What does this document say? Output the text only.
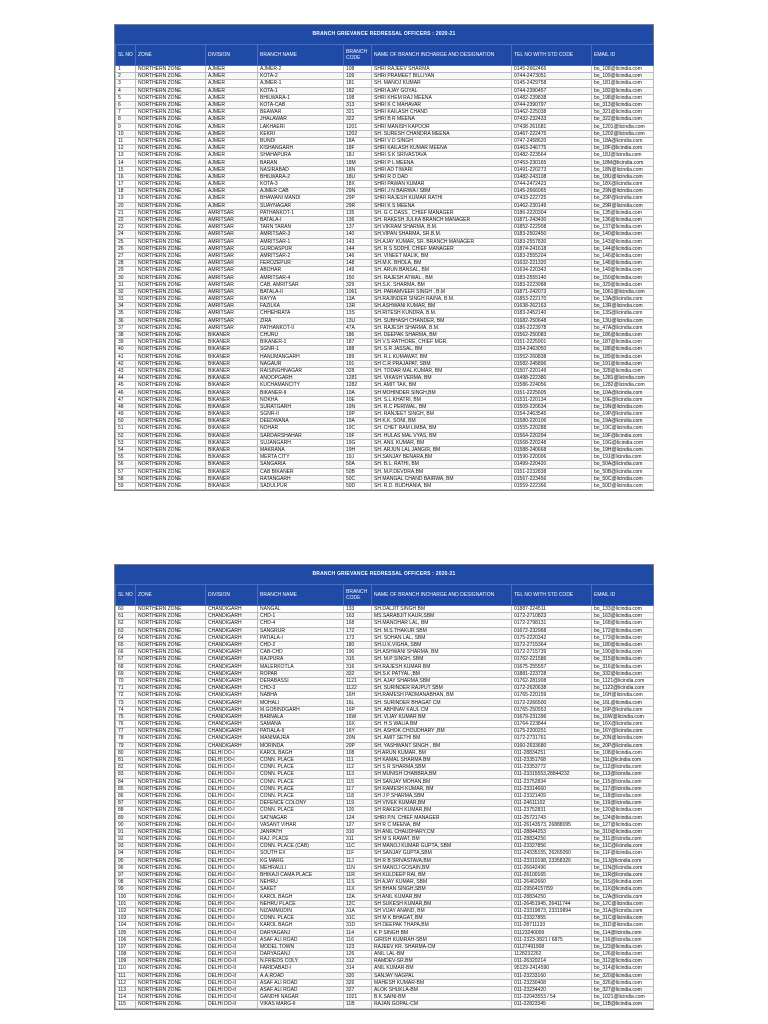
BRANCH GRIEVANCE REDRESSAL OFFICERS : 2020-21
SL NO	ZONE	DIVISION	BRANCH NAME	BRANCH CODE	NAME OF BRANCH INCHARGE AND DESIGNATION	TEL NO WITH STD CODE	EMAIL ID
1	NORTHERN ZONE	AJMER	AJMER-2	108	SHRI RAJEEV SHARMA	0145-2662465	bo_108@licindia.com
2	NORTHERN ZONE	AJMER	KOTA-2	109	SHRI PRAMEET BILLIYAN	0744-2473051	bo_109@licindia.com
3	NORTHERN ZONE	AJMER	AJMER-1	181	SH. MANOJ KUMAR	0145-2429758	bo_181@licindia.com
4	NORTHERN ZONE	AJMER	KOTA-1	182	SHRI AJAY GOYAL	0744-2390457	bo_182@licindia.com
5	NORTHERN ZONE	AJMER	BHILWARA-1	198	SHRI KHEM RAJ MEENA	01482-239838	bo_198@licindia.com
6	NORTHERN ZONE	AJMER	KOTA-CAB	313	SHRI K C MAHAVAR	0744-2390797	bo_313@licindia.com
7	NORTHERN ZONE	AJMER	BEAWAR	321	SHRI KAILASH CHAND	01462-225038	bo_321@licindia.com
8	NORTHERN ZONE	AJMER	JHALAWAR	322	SHRI B R MEENA	07432-232433	bo_322@licindia.com
9	NORTHERN ZONE	AJMER	LAKHAERI	1201	SHRI MANISH KAPOOR	07438-261681	bo_1201@licindia.com
10	NORTHERN ZONE	AJMER	KEKRI	1202	SH. SURESH CHANDRA MEENA	01467-222475	bo_1202@licindia.com
11	NORTHERN ZONE	AJMER	BUNDI	18A	SHRI V D SINGH	0747-2458620	bo_18A@licindia.com
12	NORTHERN ZONE	AJMER	KISHANGARH	18F	SHRI KAILASH KUMAR MEENA	01463-246775	bo_18F@licindia.com
13	NORTHERN ZONE	AJMER	SHAHAPURA	18J	SHRI S K SRIVASTAVA	01482-223564	bo_18J@licindia.com
14	NORTHERN ZONE	AJMER	BARAN	18M	SHRI P L MEENA	07453-230165	bo_18M@licindia.com
15	NORTHERN ZONE	AJMER	NASIRABAD	18N	SHRI AD TIWARI	01491-220273	bo_18N@licindia.com
16	NORTHERN ZONE	AJMER	BHILWARA-2	18U	SHRI R D DAD	01482-243108	bo_18U@licindia.com
17	NORTHERN ZONE	AJMER	KOTA-3	18X	SHRI PAWAN KUMAR	0744-2472423	bo_18X@licindia.com
18	NORTHERN ZONE	AJMER	AJMER CAB	29N	SHRI J N BAIRWA / SBM	0145-2666065	bo_29N@licindia.com
19	NORTHERN ZONE	AJMER	BHAWANI MANDI	29P	SHRI RAJESH KUMAR RATHI	07433-222725	bo_29P@licindia.com
20	NORTHERN ZONE	AJMER	SUAYNAGAR	29R	SHRI K S MEENA	01462-230149	bo_29R@licindia.com
21	NORTHERN ZONE	AMRITSAR	PATHANKOT-1	135	SH. G C DASS , CHIEF MANAGER	0186-2220304	bo_135@licindia.com
22	NORTHERN ZONE	AMRITSAR	BATALA-I	136	SH. RAKESH JULKA BRANCH MANAGER	01871-243430	bo_136@licindia.com
23	NORTHERN ZONE	AMRITSAR	TARN TARAN	137	SH.VIKRAM SHARMA, B.M.	01852-222908	bo_137@licindia.com
24	NORTHERN ZONE	AMRITSAR	AMRITSAR-3	140	SH.VIPAN SHARMA, SR.B.M.	0183-2502450	bo_140@licindia.com
25	NORTHERN ZONE	AMRITSAR	AMRITSAR-1	143	SH.AJAY KUMAR, SR. BRANCH MANAGER	0183-2557830	bo_143@licindia.com
26	NORTHERN ZONE	AMRITSAR	GURDASPUR	144	SH. R S SODHI, CHIEF MANAGER	01874-241618	bo_144@licindia.com
27	NORTHERN ZONE	AMRITSAR	AMRITSAR-2	146	SH. VINEET MALIK, BM	0183-2555204	bo_146@licindia.com
28	NORTHERN ZONE	AMRITSAR	FEROZEPUR	148	SH.M.K. BHOLA, BM	01632-221320	bo_148@licindia.com
29	NORTHERN ZONE	AMRITSAR	ABOHAR	149	SH. ARUN BANSAL, BM	01634-220343	bo_149@licindia.com
30	NORTHERN ZONE	AMRITSAR	AMRITSAR-4	150	SH. RAJESH ATWAL , BM	0183-2555140	bo_150@licindia.com
31	NORTHERN ZONE	AMRITSAR	CAB, AMRITSAR	329	SH.S.K. SHARMA, BM	0183-2223988	bo_329@licindia.com
32	NORTHERN ZONE	AMRITSAR	BATALA-II	1061	SH. PARAMVEER SINGH , B.M	01871-242073	bo_1061@licindia.com
33	NORTHERN ZONE	AMRITSAR	RAYYA	13A	SH.RAJINDER SINGH RAINA, B.M.	01853-222170	bo_13A@licindia.com
34	NORTHERN ZONE	AMRITSAR	FAZILKA	13R	SH.ASHWANI KUMAR, BM	01638-262163	bo_13R@licindia.com
35	NORTHERN ZONE	AMRITSAR	CHHEHRATA	13S	SH.RITESH KUNDRA, B.M.	0183-2452140	bo_13S@licindia.com
36	NORTHERN ZONE	AMRITSAR	ZIRA	13U	SH. SUBHASH CHANDER, BM	01682-250648	bo_13U@licindia.com
37	NORTHERN ZONE	AMRITSAR	PATHANKOT-II	47A	SH. RAJESH SHARMA, B.M.	0186-2223978	bo_47A@licindia.com
38	NORTHERN ZONE	BIKANER	CHURU	186	SH. DEEPAK SHARMA, BM	01562-250083	bo_186@licindia.com
39	NORTHERN ZONE	BIKANER	BIKANER-1	187	SH V.S RATHORE, CHIEF MGR.	0151-2225901	bo_187@licindia.com
40	NORTHERN ZONE	BIKANER	SGNR-1	188	SH. S.R JASSAL, BM	0154-2463050	bo_188@licindia.com
41	NORTHERN ZONE	BIKANER	HANUMANGARH	189	SH. R.L KUMAWAT, BM	01552-260838	bo_189@licindia.com
42	NORTHERN ZONE	BIKANER	NAGAUR	191	SH C.R PRAJAPAT, SBM	01582-245896	bo_191@licindia.com
43	NORTHERN ZONE	BIKANER	RAISINGHNAGAR	328	SH. TODAR MAL KUMAR, BM	01507-220149	bo_328@licindia.com
44	NORTHERN ZONE	BIKANER	ANOOPGARH	1281	SH. VIKASH VERMA, BM	01498-222380	bo_1281@licindia.com
45	NORTHERN ZONE	BIKANER	KUCHAMANCITY	1282	SH. AMIT TAK, BM	01586-224056	bo_1282@licindia.com
46	NORTHERN ZONE	BIKANER	BIKANER-II	10A	SH MOHINDER SINGH,BM	0151-2225605	bo_10A@licindia.com
47	NORTHERN ZONE	BIKANER	NOKHA	10E	SH. S.L.KHATRI, BM	01531-220134	bo_10E@licindia.com
48	NORTHERN ZONE	BIKANER	SURATGARH	19N	SH. R.C PERIWAL, BM	01509-220634	bo_19N@licindia.com
49	NORTHERN ZONE	BIKANER	SGNR-II	19P	SH. RANJEET SINGH, BM	0154-2463545	bo_19P@licindia.com
50	NORTHERN ZONE	BIKANER	DEEDWANA	19A	SH K.K. SONI, BM	01580-220106	bo_19A@licindia.com
51	NORTHERN ZONE	BIKANER	NOHAR	19C	SH. CHET RAM LIMBA, BM	01555-220288	bo_19C@licindia.com
52	NORTHERN ZONE	BIKANER	SARDARSHAHAR	19F	SH. HULAS MAL VYAS, BM	01564-220294	bo_19F@licindia.com
53	NORTHERN ZONE	BIKANER	SUJANGARH	19G	SH. ANIL KUMAR, BM	01568-220248	bo_19G@licindia.com
54	NORTHERN ZONE	BIKANER	MAKRANA	19H	SH. ARJUN LAL JANGIR, BM	01588-240668	bo_19H@licindia.com
55	NORTHERN ZONE	BIKANER	MERTA CITY	19J	SH.SANJAY BENARA,BM	01590-220006	bo_19J@licindia.com
56	NORTHERN ZONE	BIKANER	SANGARIA	50A	SH. B.L. RATHI, BM	01499-220420	bo_50A@licindia.com
57	NORTHERN ZONE	BIKANER	CAB BIKANER	50B	SH. M.P.DEVDRA,BM	0151-2232838	bo_50B@licindia.com
58	NORTHERN ZONE	BIKANER	RATANGARH	50C	SH MANGAL CHAND BAIRWA, BM	01567-223456	bo_50C@licindia.com
59	NORTHERN ZONE	BIKANER	SADULPUR	50D	SH. R.D. BUDHANIA, BM	01559-222366	bo_50D@licindia.com
BRANCH GRIEVANCE REDRESSAL OFFICERS : 2020-21
SL NO	ZONE	DIVISION	BRANCH NAME	BRANCH CODE	NAME OF BRANCH INCHARGE AND DESIGNATION	TEL NO WITH STD CODE	EMAIL ID
60	NORTHERN ZONE	CHANDIGARH	NANGAL	133	SH.DALJIT SINGH BM	01887-224511	bo_133@licindia.com
61	NORTHERN ZONE	CHANDIGARH	CHD-1	163	MS.SARABJIT KAUR,SBM	0172-2710823	bo_163@licindia.com
62	NORTHERN ZONE	CHANDIGARH	CHD-4	168	SH.MANOHAR LAL, BM	0172-2798131	bo_168@licindia.com
63	NORTHERN ZONE	CHANDIGARH	SANGRUR	172	SH. M.S.THAKUR SBM	01672-232968	bo_172@licindia.com
64	NORTHERN ZONE	CHANDIGARH	PATIALA-I	173	SH. SOHAN LAL, SBM	0175-2220342	bo_173@licindia.com
65	NORTHERN ZONE	CHANDIGARH	CHD-2	180	SH.U.K.VIGHA, SBM	0172-2715364	bo_180@licindia.com
66	NORTHERN ZONE	CHANDIGARH	CAB-CHD	190	SH.ASHWANI SHARMA, BM	0172-2715739	bo_190@licindia.com
67	NORTHERN ZONE	CHANDIGARH	RAJPURA	315	SH. M.P SINGH, SBM	01762-221586	bo_315@licindia.com
68	NORTHERN ZONE	CHANDIGARH	MALERKOTLA	316	SH.RAJESH KUMAR BM	01675-255557	bo_316@licindia.com
69	NORTHERN ZONE	CHANDIGARH	ROPAR	332	SH.S.K PATYAL ,BM	01881-223728	bo_332@licindia.com
70	NORTHERN ZONE	CHANDIGARH	DERABASSI	1121	SH. AJAY SHARMA SBM	01762-281908	bo_1121@licindia.com
71	NORTHERN ZONE	CHANDIGARH	CHD-3	1122	SH. SURINDER RAJPUT SBM	0172-2620638	bo_1122@licindia.com
72	NORTHERN ZONE	CHANDIGARH	NABHA	16H	SH.RAMESH PADMANABHAN, BM	01765-220159	bo_16H@licindia.com
73	NORTHERN ZONE	CHANDIGARH	MOHALI	16L	SH. SURINDER BHAGAT CM	0172-2266500	bo_16L@licindia.com
74	NORTHERN ZONE	CHANDIGARH	M.GOBINDGARH	16P	SH. ABHINAV KAUL CM	01765-250553	bo_16P@licindia.com
75	NORTHERN ZONE	CHANDIGARH	BARNALA	16W	SH. VIJAY KUMAR BM	01679-231396	bo_16W@licindia.com
76	NORTHERN ZONE	CHANDIGARH	SAMANA	16X	SH. H.S WALIA BM	01764-223844	bo_16X@licindia.com
77	NORTHERN ZONE	CHANDIGARH	PATIALA-II	16Y	SH. ASHOK CHOUDHARY ,BM	0175-2200251	bo_16Y@licindia.com
78	NORTHERN ZONE	CHANDIGARH	MANIMAJRA	20N	SH. AMIT SETHI BM	0172-2731761	bo_20N@licindia.com
79	NORTHERN ZONE	CHANDIGARH	MORINDA	20P	SH. YASHWANT SINGH , BM	0160-2633680	bo_20P@licindia.com
80	NORTHERN ZONE	DELHI DO-I	KAROL BAGH	108	SH ARUN KUMAR, BM	011-28834251	bo_108@licindia.com
81	NORTHERN ZONE	DELHI DO-I	CONN. PLACE	111	SH KAMAL SHARMA BM	011-23351768	bo_111@licindia.com
82	NORTHERN ZONE	DELHI DO-I	CONN. PLACE	112	SH S R SHARMA,SBM	011-23353772	bo_112@licindia.com
83	NORTHERN ZONE	DELHI DO-I	CONN. PLACE	113	SH MUNISH CHABBRA,BM	011-23315553,28844232	bo_113@licindia.com
84	NORTHERN ZONE	DELHI DO-I	CONN. PLACE	115	SH SANJAY MOHAN,BM	011-23752834	bo_115@licindia.com
85	NORTHERN ZONE	DELHI DO-I	CONN. PLACE	117	SH RAMESH KUMAR, BM	011-23314660	bo_117@licindia.com
86	NORTHERN ZONE	DELHI DO-I	CONN. PLACE	118	SH J P SHARMA,SBM	011-23321409	bo_118@licindia.com
87	NORTHERN ZONE	DELHI DO-I	DEFENCE COLONY	119	SH VIVEK KUMAR,BM	011-24611102	bo_119@licindia.com
88	NORTHERN ZONE	DELHI DO-I	CONN. PLACE	120	SH RAKESH KUMAR,BM	011-23752831	bo_120@licindia.com
89	NORTHERN ZONE	DELHI DO-I	SATNAGAR	124	SHRI P.N. CHIEF MANAGER	011-25721743	bo_124@licindia.com
90	NORTHERN ZONE	DELHI DO-I	VASANT VIHAR	127	SH R C MEENA, BM	011-26143573, 26888095	bo_127@licindia.com
91	NORTHERN ZONE	DELHI DO-I	JANPATH	310	SH ANIL CHAUDHARY,CM	011-28844253	bo_310@licindia.com
92	NORTHERN ZONE	DELHI DO-I	RAJ. PLACE	311	SH M S RAWAT, BM	011-28834256	bo_311@licindia.com
93	NORTHERN ZONE	DELHI DO-I	CONN. PLACE (CAB)	11C	SH MANOJ KUMAR GUPTA, SBM	011-23327856	bo_11C@licindia.com
94	NORTHERN ZONE	DELHI DO-I	SOUTH EX	11F	SH SANJAY GUPTA,SBM	011-24335155, 26265050	bo_11F@licindia.com
95	NORTHERN ZONE	DELHI DO-I	KG MARG	11J	SH R B SRIVASTAVA,BM	011-23310198, 23358326	bo_11J@licindia.com
96	NORTHERN ZONE	DELHI DO-I	MEHRAULI	11N	SH MANOJ GOSAIN,BM	011-26642496	bo_11N@licindia.com
97	NORTHERN ZONE	DELHI DO-I	BHIKAJI CAMA PLACE	11R	SH KULDEEP RAI, BM	011-26100165	bo_11R@licindia.com
98	NORTHERN ZONE	DELHI DO-I	NEHRU	11S	SH AJAY KUMAR, SBM	011-26462660	bo_11S@licindia.com
99	NORTHERN ZONE	DELHI DO-I	SAKET	11X	SH BHAN SINGH,SBM	011-29564157/59	bo_11X@licindia.com
100	NORTHERN ZONE	DELHI DO-I	KAROL BAGH	12A	SH ANIL KUMAR,BM	011-28834250	bo_12A@licindia.com
101	NORTHERN ZONE	DELHI DO-I	NEHRU PLACE	12C	SH SUKESH KUMAR,BM	011-26451945, 26411744	bo_12C@licindia.com
102	NORTHERN ZONE	DELHI DO-I	NIZAMMUDIN	31A	SH VIJAY ANAND, BM	011-23319873, 23319894	bo_31A@licindia.com
103	NORTHERN ZONE	DELHI DO-I	CONN. PLACE	31C	SH M K BHAGAT, BM	011-23327855	bo_31C@licindia.com
104	NORTHERN ZONE	DELHI DO-I	KAROL BAGH	31D	SH DEEPAK THAPA,BM	011-28711133	bo_31D@licindia.com
105	NORTHERN ZONE	DELHI DO-II	DARYAGANJ	114	K P SINGH BM	01123240009	bo_114@licindia.com
106	NORTHERN ZONE	DELHI DO-II	ASAF ALI ROAD	116	GIRISH KUMRAH-SBM	011-2323-3821 / 6875	bo_116@licindia.com
107	NORTHERN ZONE	DELHI DO-II	MODEL TOWN	123	RAJEEV KR. SHARMA-CM	01127491908	bo_123@licindia.com
108	NORTHERN ZONE	DELHI DO-II	DARYAGANJ	126	ANIL LAL-BM	1128232262	bo_126@licindia.com
109	NORTHERN ZONE	DELHI DO-II	N.FRIEDS COLY.	312	RAMDEV-SR.BM	011-26320214	bo_312@licindia.com
110	NORTHERN ZONE	DELHI DO-II	FARIDABAD-I	314	ANIL KUMAR-BM	95129-2414590	bo_314@licindia.com
111	NORTHERN ZONE	DELHI DO-II	A.A.ROAD	320	SANJAY NAGPAL	011-23233160	bo_320@licindia.com
112	NORTHERN ZONE	DELHI DO-II	ASAF ALI ROAD	326	MAHESH KUMAR-BM	011-23230408	bo_326@licindia.com
113	NORTHERN ZONE	DELHI DO-II	ASAF ALI ROAD	327	ALOK SHUKLA-BM	011-23234420	bo_327@licindia.com
114	NORTHERN ZONE	DELHI DO-II	GANDHI NAGAR	1021	B.K.SAINI-BM	011-22043553 / 54	bo_1021@licindia.com
115	NORTHERN ZONE	DELHI DO-II	VIKAS MARG-II	11B	RAJAN GOPAL-CM	011-22823345	bo_11B@licindia.com
